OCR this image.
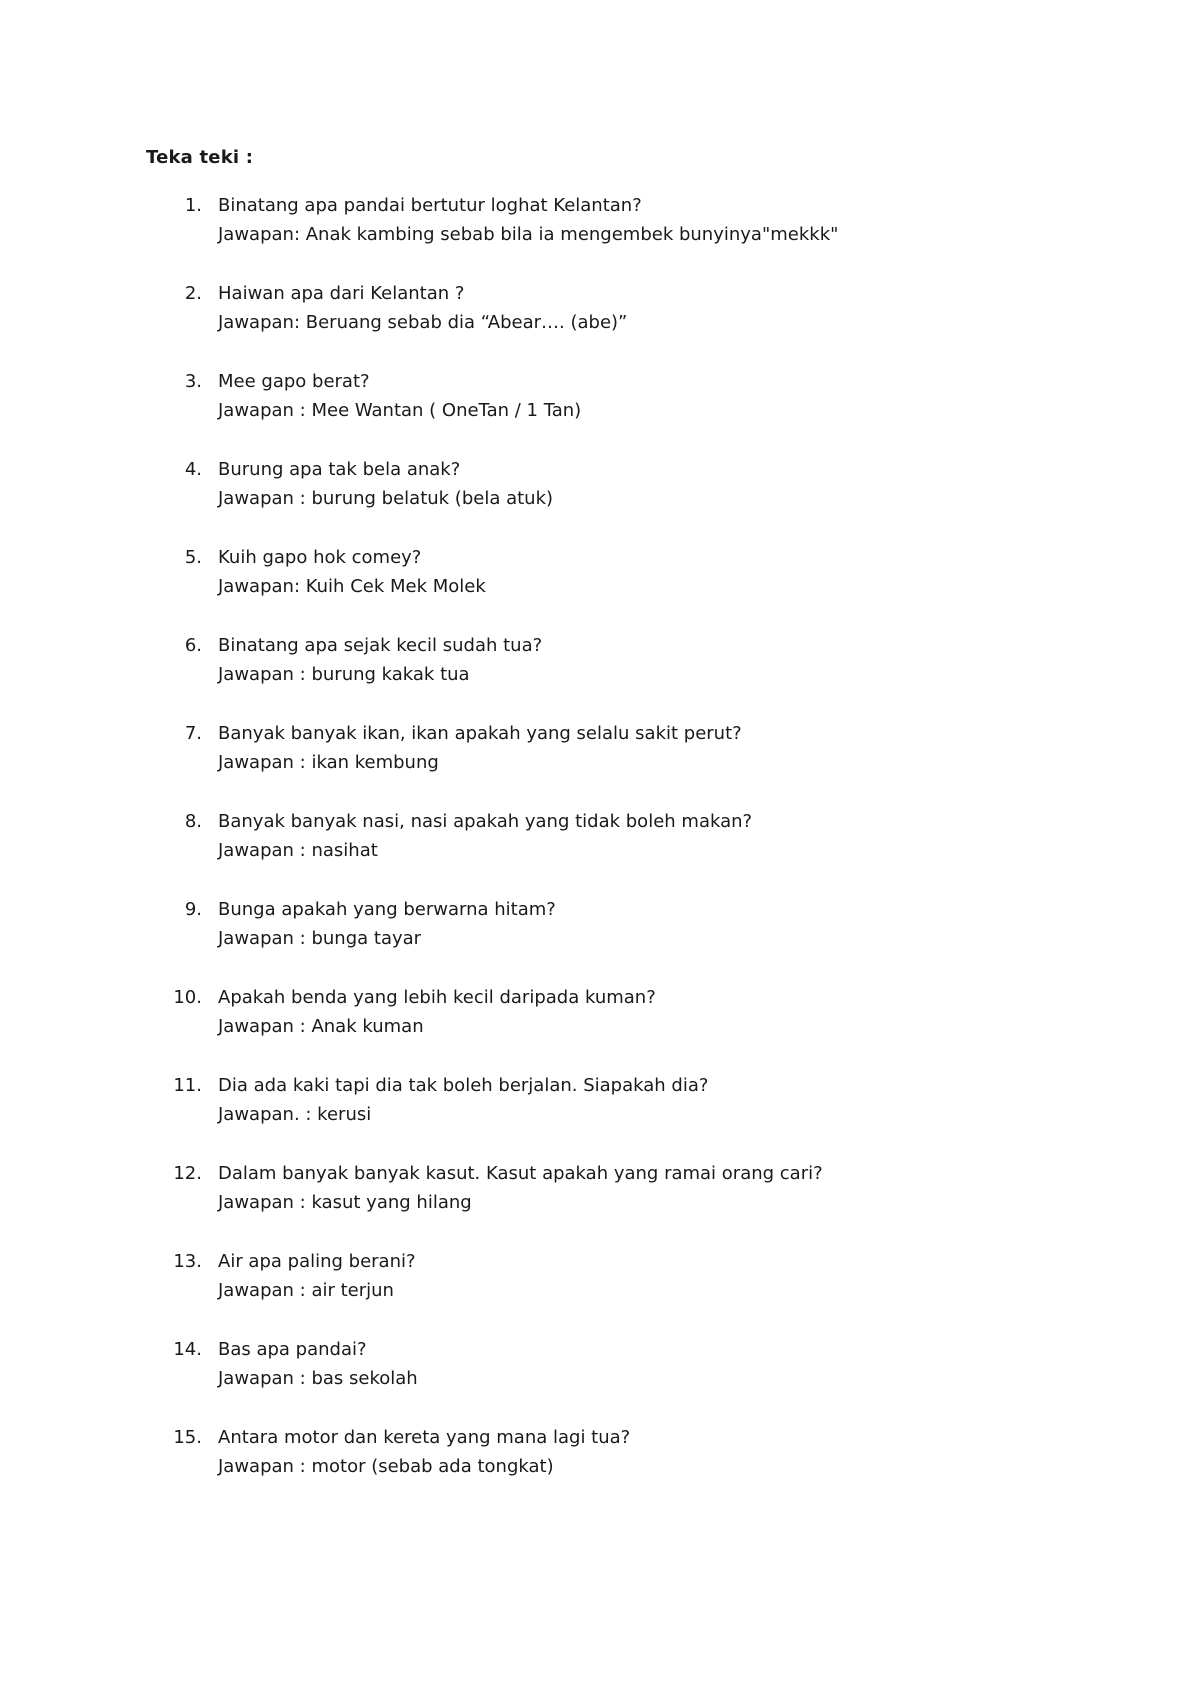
Teka teki :
1. Binatang apa pandai bertutur loghat Kelantan?
Jawapan: Anak kambing sebab bila ia mengembek bunyinya"mekkk"
2. Haiwan apa dari Kelantan ?
Jawapan: Beruang sebab dia “Abear…. (abe)”
3. Mee gapo berat?
Jawapan : Mee Wantan ( OneTan / 1 Tan)
4. Burung apa tak bela anak?
Jawapan : burung belatuk (bela atuk)
5. Kuih gapo hok comey?
Jawapan: Kuih Cek Mek Molek
6. Binatang apa sejak kecil sudah tua?
Jawapan : burung kakak tua
7. Banyak banyak ikan, ikan apakah yang selalu sakit perut?
Jawapan : ikan kembung
8. Banyak banyak nasi, nasi apakah yang tidak boleh makan?
Jawapan : nasihat
9. Bunga apakah yang berwarna hitam?
Jawapan : bunga tayar
10. Apakah benda yang lebih kecil daripada kuman?
Jawapan : Anak kuman
11. Dia ada kaki tapi dia tak boleh berjalan. Siapakah dia?
Jawapan. : kerusi
12. Dalam banyak banyak kasut. Kasut apakah yang ramai orang cari?
Jawapan : kasut yang hilang
13. Air apa paling berani?
Jawapan : air terjun
14. Bas apa pandai?
Jawapan : bas sekolah
15. Antara motor dan kereta yang mana lagi tua?
Jawapan : motor (sebab ada tongkat)
